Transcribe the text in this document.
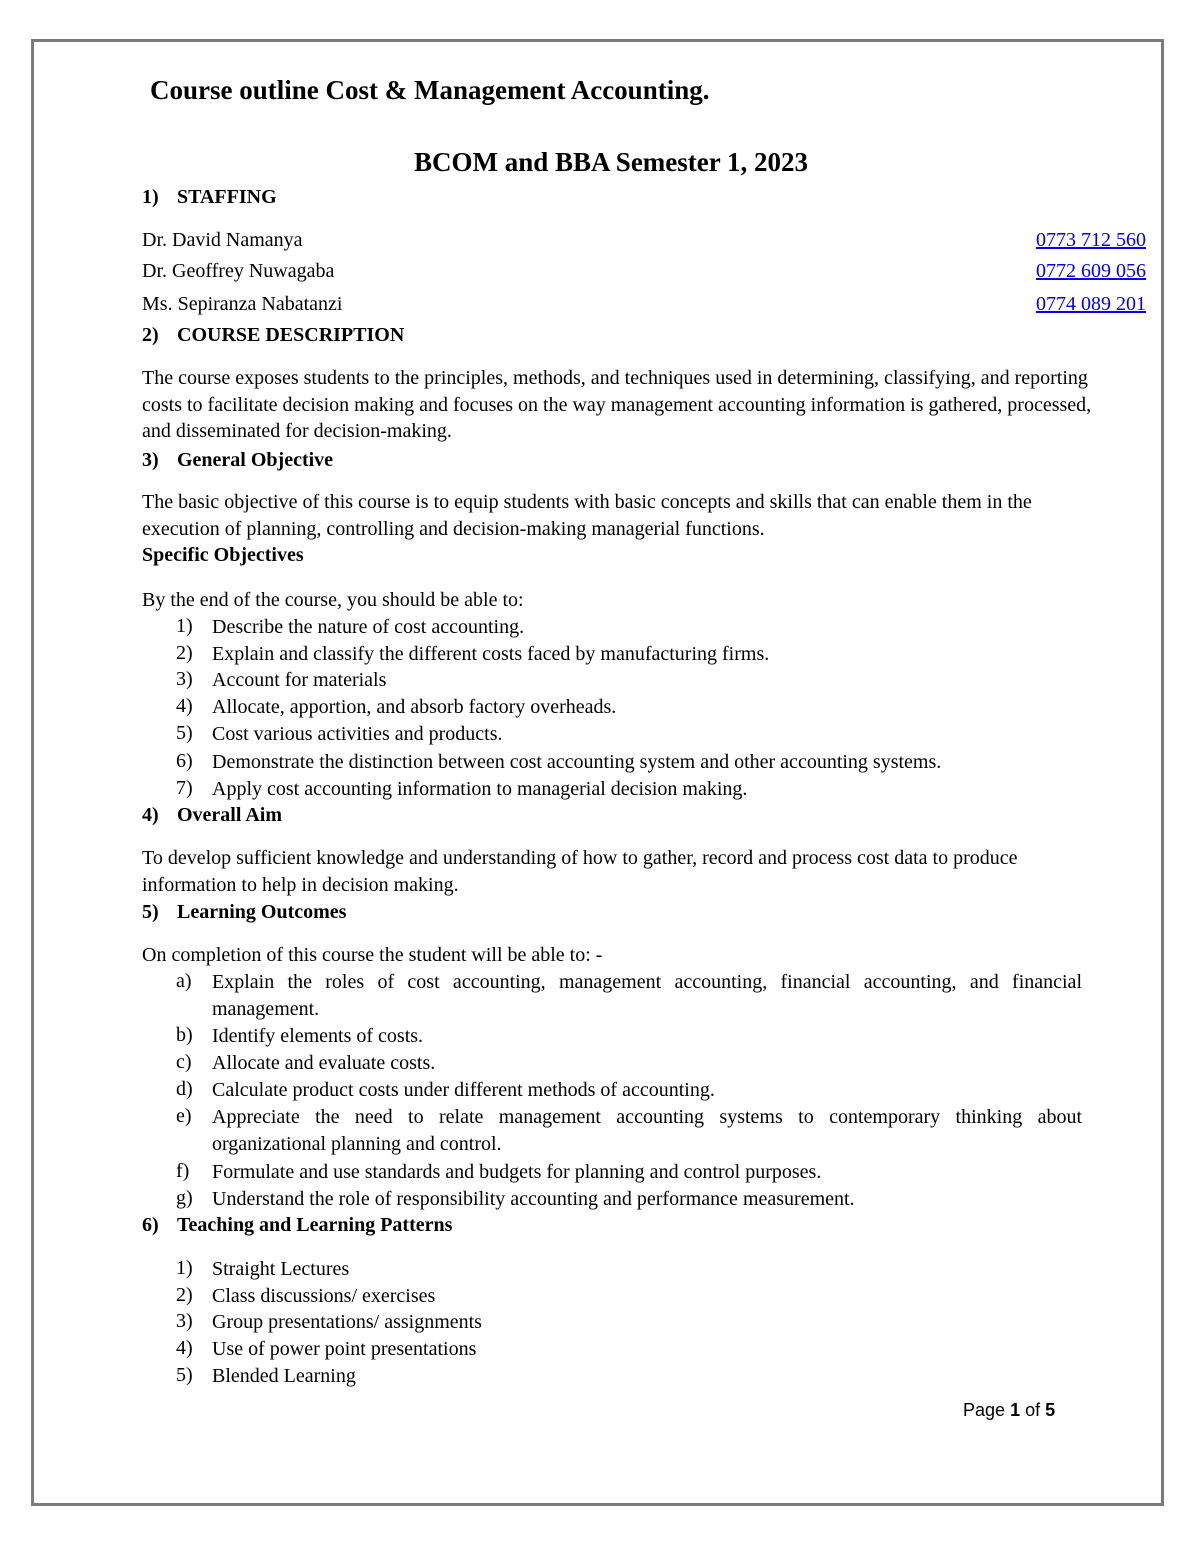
Course outline Cost & Management Accounting.
BCOM and BBA Semester 1, 2023
1) STAFFING
Dr. David Namanya	0773 712 560
Dr. Geoffrey Nuwagaba	0772 609 056
Ms. Sepiranza Nabatanzi	0774 089 201
2) COURSE DESCRIPTION
The course exposes students to the principles, methods, and techniques used in determining, classifying, and reporting costs to facilitate decision making and focuses on the way management accounting information is gathered, processed, and disseminated for decision-making.
3) General Objective
The basic objective of this course is to equip students with basic concepts and skills that can enable them in the execution of planning, controlling and decision-making managerial functions.
Specific Objectives
By the end of the course, you should be able to:
1) Describe the nature of cost accounting.
2) Explain and classify the different costs faced by manufacturing firms.
3) Account for materials
4) Allocate, apportion, and absorb factory overheads.
5) Cost various activities and products.
6) Demonstrate the distinction between cost accounting system and other accounting systems.
7) Apply cost accounting information to managerial decision making.
4) Overall Aim
To develop sufficient knowledge and understanding of how to gather, record and process cost data to produce information to help in decision making.
5) Learning Outcomes
On completion of this course the student will be able to: -
a) Explain the roles of cost accounting, management accounting, financial accounting, and financial management.
b) Identify elements of costs.
c) Allocate and evaluate costs.
d) Calculate product costs under different methods of accounting.
e) Appreciate the need to relate management accounting systems to contemporary thinking about organizational planning and control.
f) Formulate and use standards and budgets for planning and control purposes.
g) Understand the role of responsibility accounting and performance measurement.
6) Teaching and Learning Patterns
1) Straight Lectures
2) Class discussions/ exercises
3) Group presentations/ assignments
4) Use of power point presentations
5) Blended Learning
Page 1 of 5
